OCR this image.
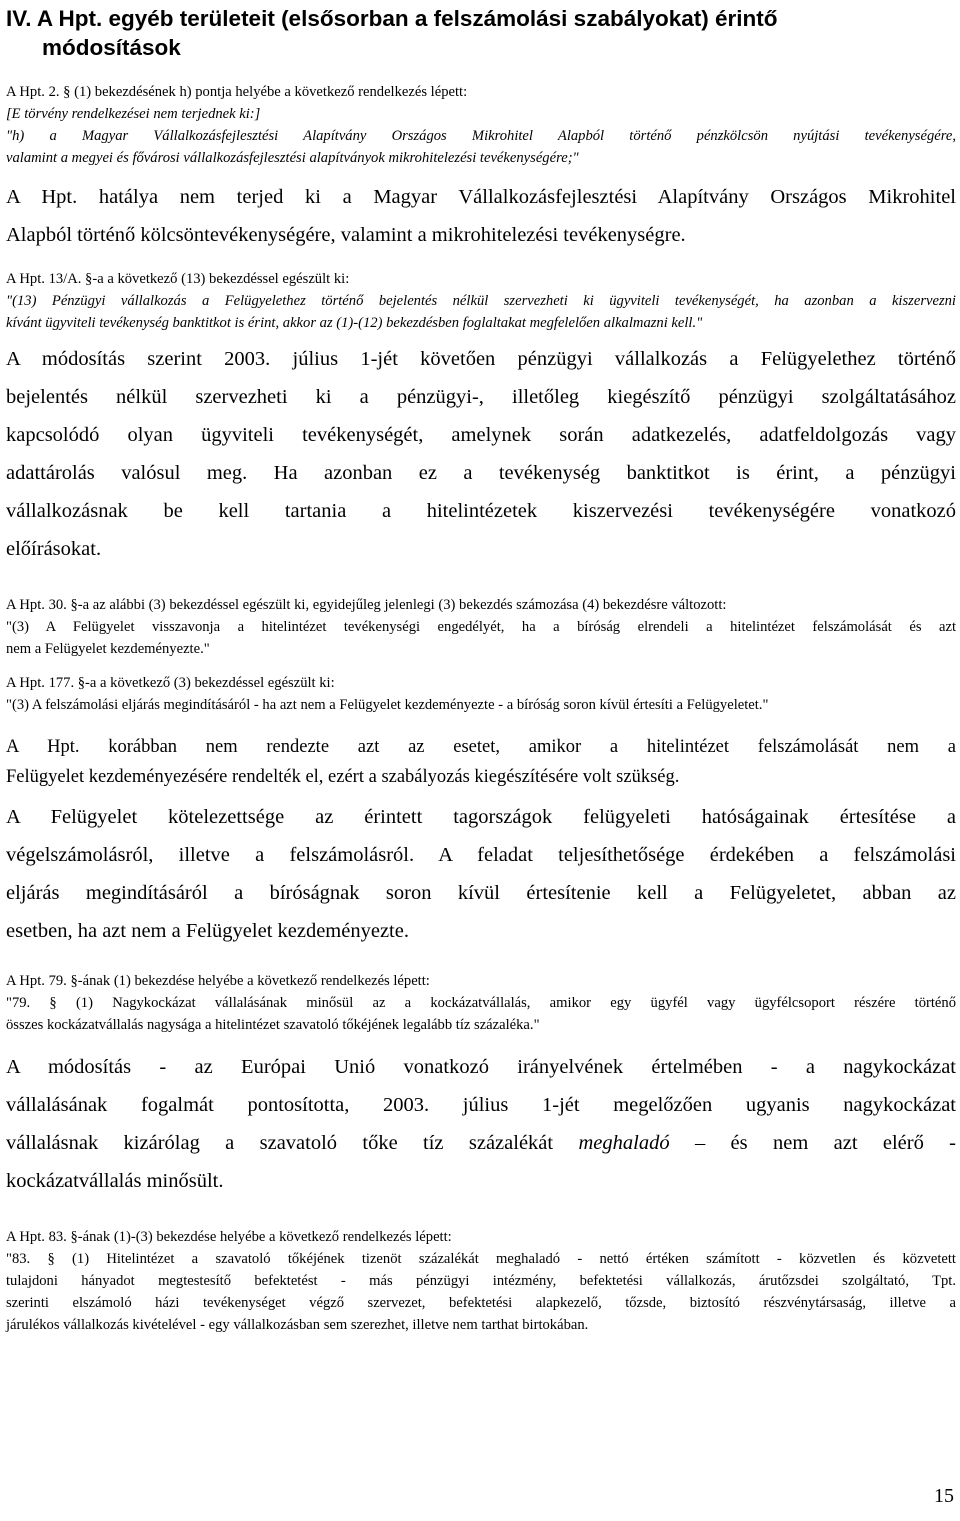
IV. A Hpt. egyéb területeit (elsősorban a felszámolási szabályokat) érintő
módosítások
A Hpt. 2. § (1) bekezdésének h) pontja helyébe a következő rendelkezés lépett:
[E törvény rendelkezései nem terjednek ki:]
"h) a Magyar Vállalkozásfejlesztési Alapítvány Országos Mikrohitel Alapból történő pénzkölcsön nyújtási tevékenységére,
valamint a megyei és fővárosi vállalkozásfejlesztési alapítványok mikrohitelezési tevékenységére;"
A Hpt. hatálya nem terjed ki a Magyar Vállalkozásfejlesztési Alapítvány Országos Mikrohitel
Alapból történő kölcsöntevékenységére, valamint a mikrohitelezési tevékenységre.
A Hpt. 13/A. §-a a következő (13) bekezdéssel egészült ki:
"(13) Pénzügyi vállalkozás a Felügyelethez történő bejelentés nélkül szervezheti ki ügyviteli tevékenységét, ha azonban a kiszervezni
kívánt ügyviteli tevékenység banktitkot is érint, akkor az (1)-(12) bekezdésben foglaltakat megfelelően alkalmazni kell."
A módosítás szerint 2003. július 1-jét követően pénzügyi vállalkozás a Felügyelethez történő
bejelentés nélkül szervezheti ki a pénzügyi-, illetőleg kiegészítő pénzügyi szolgáltatásához
kapcsolódó olyan ügyviteli tevékenységét, amelynek során adatkezelés, adatfeldolgozás vagy
adattárolás valósul meg. Ha azonban ez a tevékenység banktitkot is érint, a pénzügyi
vállalkozásnak be kell tartania a hitelintézetek kiszervezési tevékenységére vonatkozó
előírásokat.
A Hpt. 30. §-a az alábbi (3) bekezdéssel egészült ki, egyidejűleg jelenlegi (3) bekezdés számozása (4) bekezdésre változott:
"(3) A Felügyelet visszavonja a hitelintézet tevékenységi engedélyét, ha a bíróság elrendeli a hitelintézet felszámolását és azt
nem a Felügyelet kezdeményezte."
A Hpt. 177. §-a a következő (3) bekezdéssel egészült ki:
"(3) A felszámolási eljárás megindításáról - ha azt nem a Felügyelet kezdeményezte - a bíróság soron kívül értesíti a Felügyeletet."
A Hpt. korábban nem rendezte azt az esetet, amikor a hitelintézet felszámolását nem a
Felügyelet kezdeményezésére rendelték el, ezért a szabályozás kiegészítésére volt szükség.
A Felügyelet kötelezettsége az érintett tagországok felügyeleti hatóságainak értesítése a
végelszámolásról, illetve a felszámolásról. A feladat teljesíthetősége érdekében a felszámolási
eljárás megindításáról a bíróságnak soron kívül értesítenie kell a Felügyeletet, abban az
esetben, ha azt nem a Felügyelet kezdeményezte.
A Hpt. 79. §-ának (1) bekezdése helyébe a következő rendelkezés lépett:
"79. § (1) Nagykockázat vállalásának minősül az a kockázatvállalás, amikor egy ügyfél vagy ügyfélcsoport részére történő
összes kockázatvállalás nagysága a hitelintézet szavatoló tőkéjének legalább tíz százaléka."
A módosítás - az Európai Unió vonatkozó irányelvének értelmében - a nagykockázat
vállalásának fogalmát pontosította, 2003. július 1-jét megelőzően ugyanis nagykockázat
vállalásnak kizárólag a szavatoló tőke tíz százalékát meghaladó – és nem azt elérő -
kockázatvállalás minősült.
A Hpt. 83. §-ának (1)-(3) bekezdése helyébe a következő rendelkezés lépett:
"83. § (1) Hitelintézet a szavatoló tőkéjének tizenöt százalékát meghaladó - nettó értéken számított - közvetlen és közvetett
tulajdoni hányadot megtestesítő befektetést - más pénzügyi intézmény, befektetési vállalkozás, árutőzsdei szolgáltató, Tpt.
szerinti elszámoló házi tevékenységet végző szervezet, befektetési alapkezelő, tőzsde, biztosító részvénytársaság, illetve a
járulékos vállalkozás kivételével - egy vállalkozásban sem szerezhet, illetve nem tarthat birtokában.
15
